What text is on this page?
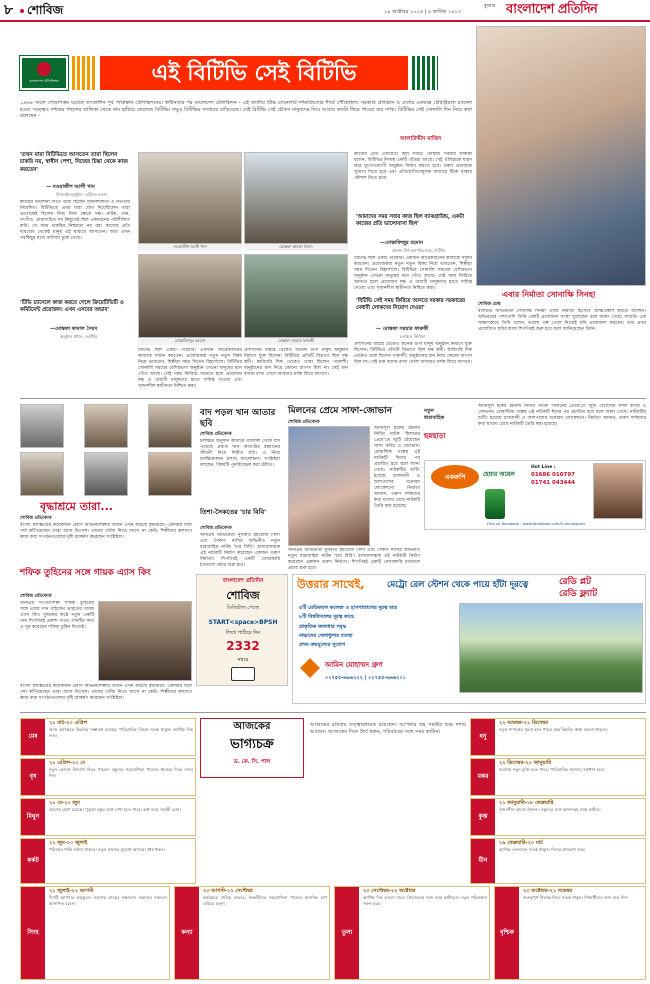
৮ শোবিজ	১৯ অক্টোবর ২০১৬ | ৪ কার্তিক ১৪২৩
বুধবার বাংলাদেশ প্রতিদিন
বাংলাদেশ টেলিভিশন	এই বিটিভি সেই বিটিভি
১৯৬৪ সালে গোড়াপত্তন ঘটেছে তৎকালীন পূর্ব পাকিস্তান টেলিভিশনের। স্বাধীনতার পর বাংলাদেশ টেলিভিশন - এই জাতীয় টিভি চ্যানেলটি দর্শকপ্রিয়তার শীর্ষে পৌঁছেছিল। সরকারি প্রতিষ্ঠান ও দেশের একমাত্র টেরিস্ট্রিয়াল চ্যানেল হওয়া সত্ত্বেও দর্শকের পছন্দের তালিকা থেকে নাম হারিয়ে ফেলেছে বিটিভি। তবুও বিটিভির সম্প্রচার বাড়িয়েছে। সেই বিটিভি সেই চৌকস মানুষদের দিয়ে আবার কতটা ফিরে পাওয়া যায় দর্শক। বিটিভির সেই সোনালি দিন নিয়ে কথা বলেছেন -
আলাউদ্দীন মাজিদ
'তখন যারা বিটিভিতে আসতেন তারা ছিলেন চাকরি নয়, স্বাধীন পেশা, নিজের চিন্তা থেকে কাজ করতেন'
— নওয়াজীশ আলী খান
উপদেষ্টা-অনুষ্ঠান, এটিএন বাংলা
কাজের নির্দেশনা দিতে তারা ছিলেন সৃজনশীলতা ও সততায় নিবেদিত। বিটিভিতে প্রথম যারা যোগ দিয়েছিলেন তারা প্রত্যেকেই ছিলেন নিজ নিজ ক্ষেত্রে দক্ষ। নাটক, গান, সংগীত, প্রামাণ্যচিত্র সব কিছুতেই ছিল একধরনের পরিশীলিত রুচি। সে সময় চাকরির নিশ্চয়তা নয় বরং কাজের প্রতি দায়বোধ থেকেই মানুষ এই মাধ্যমে আসতেন। আর এখন সবকিছুর মধ্যে বাণিজ্য ঢুকে গেছে।
নওয়াজীশ আলী খান	মোস্তফা কামাল সৈয়দ
মোস্তাফিজুর রহমান	মোস্তফা সরয়ার ফারুকী
বিটিভি ছিল একটি পরিবার। একজন আরেকজনের কাজকে সম্মান করতেন। প্রযোজকরা নতুন নতুন বিষয় নিয়ে ভাবতেন, শিল্পীরা সময় দিতেন রিহার্সালে। বিটিভির সোনালি সময়ের বেশিরভাগ অনুষ্ঠান এখনো মানুষের মনে গেঁথে আছে। সেই সময় ফিরিয়ে আনতে হলে প্রয়োজন দক্ষ ও মেধাবী মানুষদের হাতে দায়িত্ব দেওয়া এবং সৃজনশীল স্বাধীনতা নিশ্চিত করা।
প্রশাসনের বাইরে থেকেও অনেক গুণী মানুষ অনুষ্ঠান নির্মাণে যুক্ত ছিলেন। বিটিভির প্রতিটি বিভাগে ছিল দক্ষ কর্মী। কারিগরি দিক থেকেও তারা ছিলেন পারদর্শী। অনুষ্ঠানের মান নিয়ে কোনো আপস ছিল না। সেই মান বজায় রাখা গেলে আবারও দর্শক ফিরে আসবে।
'টিভি চ্যানেলে কাজ করতে গেলে ক্রিয়েটিভিটি ও কমিটমেন্ট প্রয়োজন। এখন এসবের অভাব'
—মোস্তফা কামাল সৈয়দ
অনুষ্ঠান প্রধান, এনটিভি
কাজের প্রতি একাগ্রতা ছিল সবার। মোস্তফা সরয়ার ফারুকী বলেন, বিটিভির নিজস্ব একটি ঐতিহ্য আছে। সেই ঐতিহ্যকে ধারণ করে যুগোপযোগী অনুষ্ঠান নির্মাণ করতে হবে। তরুণ প্রজন্মকে সুযোগ দিতে হবে এবং প্রতিযোগিতামূলক বাজারে টিকে থাকার কৌশল নিতে হবে।
'আমাদের সময় সবার কাজ ছিল ব্যাকগ্রাউন্ড, একটা কাজের প্রতি ভালোবাসা ছিল'
—মোস্তাফিজুর রহমান
প্রাক্তন উপ-মহাপরিচালক, বিটিভি
বিটিভি ছিল একটি পরিবার। একজন আরেকজনের কাজকে সম্মান করতেন। প্রযোজকরা নতুন নতুন বিষয় নিয়ে ভাবতেন, শিল্পীরা সময় দিতেন রিহার্সালে। বিটিভির সোনালি সময়ের বেশিরভাগ অনুষ্ঠান এখনো মানুষের মনে গেঁথে আছে। সেই সময় ফিরিয়ে আনতে হলে প্রয়োজন দক্ষ ও মেধাবী মানুষদের হাতে দায়িত্ব দেওয়া এবং সৃজনশীল স্বাধীনতা নিশ্চিত করা।
'বিটিভি সেই সময় ফিরিয়ে আনতে দরকার সরকারের মেধাবী লোকদের নিয়োগ দেওয়া'
— মোস্তফা সরয়ার ফারুকী
চলচ্চিত্র নির্মাতা
প্রশাসনের বাইরে থেকেও অনেক গুণী মানুষ অনুষ্ঠান নির্মাণে যুক্ত ছিলেন। বিটিভির প্রতিটি বিভাগে ছিল দক্ষ কর্মী। কারিগরি দিক থেকেও তারা ছিলেন পারদর্শী। অনুষ্ঠানের মান নিয়ে কোনো আপস ছিল না। সেই মান বজায় রাখা গেলে আবারও দর্শক ফিরে আসবে।
এবার নির্মাতা সোনাক্ষি সিনহা
শোবিজ ডেস্ক
বলিউড অভিনেত্রী সোনাক্ষি সিনহা এবার নির্মাতা হিসেবে আত্মপ্রকাশ করতে যাচ্ছেন। অভিনয়ের পাশাপাশি তিনি একটি প্রযোজনা সংস্থা খুলেছেন বলে জানা গেছে। সম্প্রতি এক সাক্ষাৎকারে তিনি বলেন, ভালো গল্প পেলে নিজেই ছবি প্রযোজনা করবেন। তার প্রথম প্রযোজিত ছবির কাজ শিগগিরই শুরু হবে বলে জানিয়েছেন তিনি।
বৃদ্ধাশ্রমে তারা...
শোবিজ প্রতিবেদক
বাংলা চলচ্চিত্রের কয়েকজন প্রবীণ অভিনয়শিল্পীর জীবন এখন কাটছে বৃদ্ধাশ্রমে। একসময় যারা পর্দা কাঁপিয়েছেন তারা আজ নিঃসঙ্গ। তাদের খোঁজ নিতে আসে না কেউ। শিল্পীদের কল্যাণে কাজ করা সংগঠনগুলোর দৃষ্টি আকর্ষণ করেছেন সংশ্লিষ্টরা।
বাদ পড়ল খান আতার ছবি
শোবিজ প্রতিবেদক
চলচ্চিত্র অনুদান কমিটির তালিকা থেকে বাদ পড়েছে প্রয়াত খান আতাউর রহমানের জীবনী নিয়ে নির্মিত ছবি। এ নিয়ে চলচ্চিত্রাঙ্গনে চলছে আলোচনা। সংশ্লিষ্টরা বলছেন, বিষয়টি পুনর্বিবেচনা করা উচিত।
তিশা-সৈকতের 'চার বিবি'
শোবিজ প্রতিবেদক
জনপ্রিয় অভিনেত্রী নুসরাত ইমরোজ তিশা এবং সৈকত নাসির অভিনীত নতুন ধারাবাহিক নাটক 'চার বিবি'। হাস্যরসাত্মক এই নাটকটি নির্মাণ করেছেন একজন তরুণ নির্মাতা। শিগগিরই একটি বেসরকারি চ্যানেলে প্রচার শুরু হবে।
মিলনের প্রেমে সাফা-জোভান
শোবিজ প্রতিবেদক
আনিসুল হকের রচনায় নির্মিত নাটক 'মিলনের প্রেমে'তে জুটি বেঁধেছেন সাফা কবির ও জোভান। রোমান্টিক গল্পের এই নাটকটি ঈদের পর প্রচারিত হবে বলে জানা গেছে। নাটকটির শুটিং হয়েছে রাজধানী ও আশপাশের মনোরম লোকেশনে। নির্মাতা জানান, তরুণ দর্শকদের কথা মাথায় রেখে নাটকটি তৈরি করা হয়েছে।
জনপ্রিয় অভিনেত্রী নুসরাত ইমরোজ তিশা এবং সৈকত নাসির অভিনীত নতুন ধারাবাহিক নাটক 'চার বিবি'। হাস্যরসাত্মক এই নাটকটি নির্মাণ করেছেন একজন তরুণ নির্মাতা। শিগগিরই একটি বেসরকারি চ্যানেলে প্রচার শুরু হবে।
নতুন ধারাবাহিক
ছন্নছাড়া
আনিসুল হকের রচনায় নির্মিত নাটক 'মিলনের প্রেমে'তে জুটি বেঁধেছেন সাফা কবির ও জোভান। রোমান্টিক গল্পের এই নাটকটি ঈদের পর প্রচারিত হবে বলে জানা গেছে। নাটকটির শুটিং হয়েছে রাজধানী ও আশপাশের মনোরম লোকেশনে। নির্মাতা জানান, তরুণ দর্শকদের কথা মাথায় রেখে নাটকটি তৈরি করা হয়েছে।
একরুপি	হেয়ার অয়েল
Hot Line :
01686 010797
01741 043444
Find us facebook : www.facebook.com/h.techexport
শফিক তুহিনের সঙ্গে গায়ক এ্যাস কিং
শোবিজ প্রতিবেদক
জনপ্রিয় সংগীতশিল্পী শফিক তুহিনের সঙ্গে এবার গান গাইলেন ভারতের গায়ক এ্যাস কিং। দুজনের কণ্ঠে নতুন একটি গান শিগগিরই প্রকাশ পাবে। গানটির কথা ও সুর করেছেন শফিক তুহিন নিজেই।
বাংলা চলচ্চিত্রের কয়েকজন প্রবীণ অভিনয়শিল্পীর জীবন এখন কাটছে বৃদ্ধাশ্রমে। একসময় যারা পর্দা কাঁপিয়েছেন তারা আজ নিঃসঙ্গ। তাদের খোঁজ নিতে আসে না কেউ। শিল্পীদের কল্যাণে কাজ করা সংগঠনগুলোর দৃষ্টি আকর্ষণ করেছেন সংশ্লিষ্টরা।
বাংলাদেশ প্রতিদিন
শোবিজ
ডিজিটাল পেজে
START<space>BPSH
লিখে পাঠিয়ে দিন
2332
নম্বরে
উত্তরার সাথেই,	মেট্রো রেল স্টেশন থেকে পায়ে হাঁটা দূরত্বে	রেডি প্লট
রেডি ফ্ল্যাট
৫টি মেডিক্যাল কলেজ ও হাসপাতালের দূরত্ব মাত্র
৮টি বিশ্ববিদ্যালয় দূরত্ব কাছে
প্রাকৃতিক জলাধার সমৃদ্ধ
বাচ্চাদের খেলাধুলার ব্যবস্থা
প্রথম ক্রয়মূল্যের সুযোগ
আমিন মোহাম্মদ গ্রুপ
০১৭৫৫-৬৬৬২২২ | ০১৭৫৫-৬৬৬২১১
আজকের
ভাগ্যচক্র
ড. কে. সি. পাল
আজকের রবিবার তত্ত্বাবধায়ক রয়েছেন। আপনার গ্রহ সমষ্টির শুভ দশায় আছেন। আজকের দিনে ধৈর্য ধরুন, পরিবারের সঙ্গে সময় কাটান।
মেষ
২১ মার্চ-২০ এপ্রিল
আজ কর্মক্ষেত্রে উন্নতির সম্ভাবনা রয়েছে। পারিবারিক বিষয়ে সতর্ক থাকুন। আর্থিক দিক শুভ।
বৃষ
২১ এপ্রিল-২০ মে
নতুন কোনো উদ্যোগ নিতে পারেন। বন্ধুদের সহযোগিতা পাবেন। স্বাস্থ্যের দিকে নজর দিন।
মিথুন
২১ মে-২০ জুন
ভ্রমণের যোগ রয়েছে। পুরনো বন্ধুর সঙ্গে দেখা হতে পারে। অর্থ ব্যয়ে সংযমী হোন।
কর্কট
২১ জুন-২০ জুলাই
পরিবারে শান্তি বজায় থাকবে। নতুন কাজের সুযোগ আসবে। ধৈর্য ধরুন।
সিংহ
২১ জুলাই-২২ আগস্ট
দিনটি আপনার অনুকূলে। ব্যবসায় লাভের সম্ভাবনা। সন্তানের সাফল্যে আনন্দিত হবেন।
কন্যা
২৩ আগস্ট-২২ সেপ্টেম্বর
কর্মক্ষেত্রে দায়িত্ব বাড়বে। সহকর্মীদের সহযোগিতা পাবেন। মানসিক চাপ এড়িয়ে চলুন।
তুলা
২৩ সেপ্টেম্বর-২২ অক্টোবর
আর্থিক দিক ভালো যাবে। প্রিয়জনের সঙ্গে সময় কাটাবেন। নতুন পরিকল্পনা সফল হবে।
বৃশ্চিক
২৩ অক্টোবর-২১ নভেম্বর
গুরুত্বপূর্ণ সিদ্ধান্ত নিতে সতর্ক থাকুন। শিক্ষার্থীদের জন্য শুভ দিন।
ধনু
২২ নভেম্বর-২১ ডিসেম্বর
নতুন সম্পর্কের সূচনা হতে পারে। কর্মে উন্নতি। স্বাস্থ্য ভালো থাকবে।
মকর
২২ ডিসেম্বর-২০ জানুয়ারি
ব্যবসায় নতুন চুক্তি হতে পারে। পারিবারিক সমস্যার সমাধান হবে।
কুম্ভ
২১ জানুয়ারি-১৮ ফেব্রুয়ারি
সৃজনশীল কাজে সাফল্য। বন্ধুদের সঙ্গে আনন্দময় সময় কাটবে।
মীন
১৯ ফেব্রুয়ারি-২০ মার্চ
আর্থিক লেনদেনে সতর্ক থাকুন। দিনের শেষভাগ শুভ।
